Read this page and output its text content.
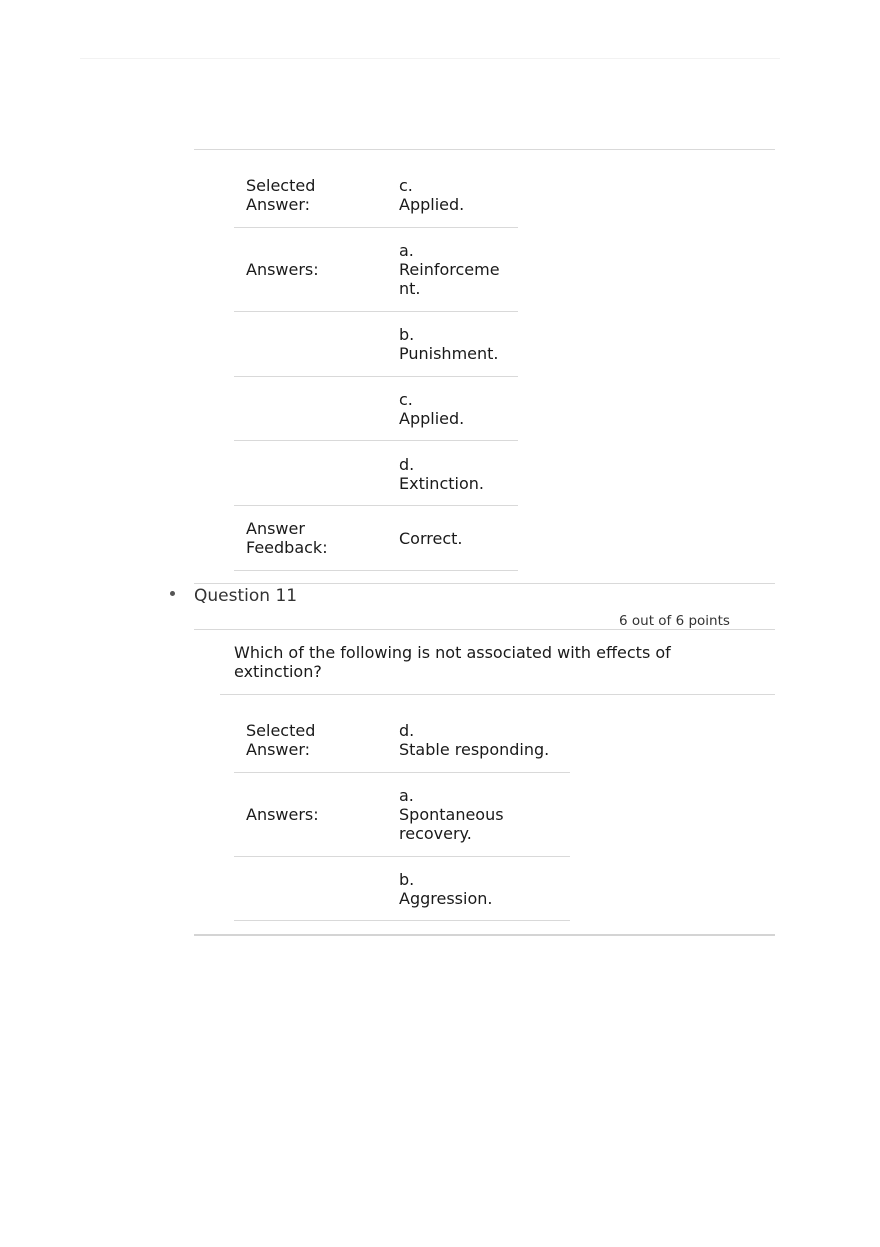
Selected
Answer:
c.
Applied.
Answers:
a.
Reinforceme
nt.
b.
Punishment.
c.
Applied.
d.
Extinction.
Answer
Feedback:	Correct.
Question 11
6 out of 6 points
Which of the following is not associated with effects of extinction?
Selected
Answer:
d.
Stable responding.
Answers:
a.
Spontaneous
recovery.
b.
Aggression.
